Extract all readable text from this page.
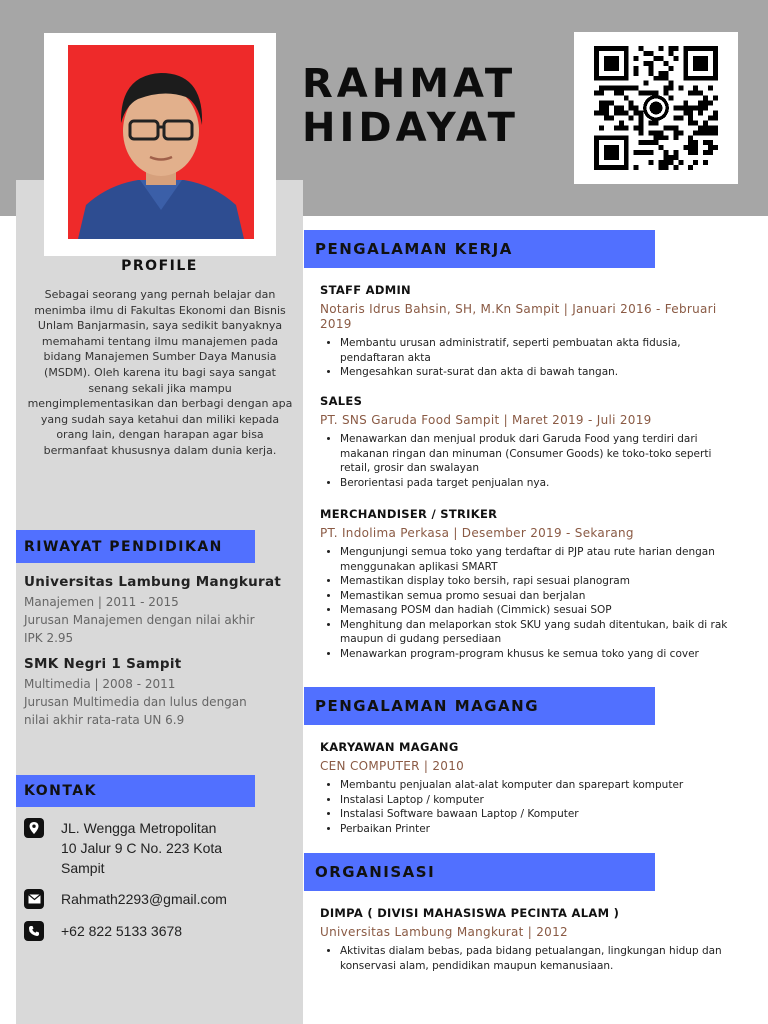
RAHMAT
HIDAYAT
PROFILE

Sebagai seorang yang pernah belajar dan menimba ilmu di Fakultas Ekonomi dan Bisnis Unlam Banjarmasin, saya sedikit banyaknya memahami tentang ilmu manajemen pada bidang Manajemen Sumber Daya Manusia (MSDM). Oleh karena itu bagi saya sangat senang sekali jika mampu mengimplementasikan dan berbagi dengan apa yang sudah saya ketahui dan miliki kepada orang lain, dengan harapan agar bisa bermanfaat khususnya dalam dunia kerja.

RIWAYAT PENDIDIKAN

Universitas Lambung Mangkurat

Manajemen | 2011 - 2015

Jurusan Manajemen dengan nilai akhir

IPK 2.95

SMK Negri 1 Sampit

Multimedia | 2008 - 2011

Jurusan Multimedia dan lulus dengan

nilai akhir rata-rata UN 6.9

KONTAK

JL. Wengga Metropolitan

10 Jalur 9 C No. 223 Kota

Sampit

Rahmath2293@gmail.com

+62 822 5133 3678

PENGALAMAN KERJA

STAFF ADMIN

Notaris Idrus Bahsin, SH, M.Kn Sampit | Januari 2016 - Februari 2019

• Membantu urusan administratif, seperti pembuatan akta fidusia, pendaftaran akta
• Mengesahkan surat-surat dan akta di bawah tangan.

SALES

PT. SNS Garuda Food Sampit | Maret 2019 - Juli 2019

• Menawarkan dan menjual produk dari Garuda Food yang terdiri dari makanan ringan dan minuman (Consumer Goods) ke toko-toko seperti retail, grosir dan swalayan
• Berorientasi pada target penjualan nya.

MERCHANDISER / STRIKER

PT. Indolima Perkasa | Desember 2019 - Sekarang

• Mengunjungi semua toko yang terdaftar di PJP atau rute harian dengan menggunakan aplikasi SMART
• Memastikan display toko bersih, rapi sesuai planogram
• Memastikan semua promo sesuai dan berjalan
• Memasang POSM dan hadiah (Cimmick) sesuai SOP
• Menghitung dan melaporkan stok SKU yang sudah ditentukan, baik di rak maupun di gudang persediaan
• Menawarkan program-program khusus ke semua toko yang di cover
PENGALAMAN MAGANG

KARYAWAN MAGANG

CEN COMPUTER | 2010

• Membantu penjualan alat-alat komputer dan sparepart komputer
• Instalasi Laptop / komputer
• Instalasi Software bawaan Laptop / Komputer
• Perbaikan Printer
ORGANISASI

DIMPA ( DIVISI MAHASISWA PECINTA ALAM )

Universitas Lambung Mangkurat | 2012

• Aktivitas dialam bebas, pada bidang petualangan, lingkungan hidup dan konservasi alam, pendidikan maupun kemanusiaan.
